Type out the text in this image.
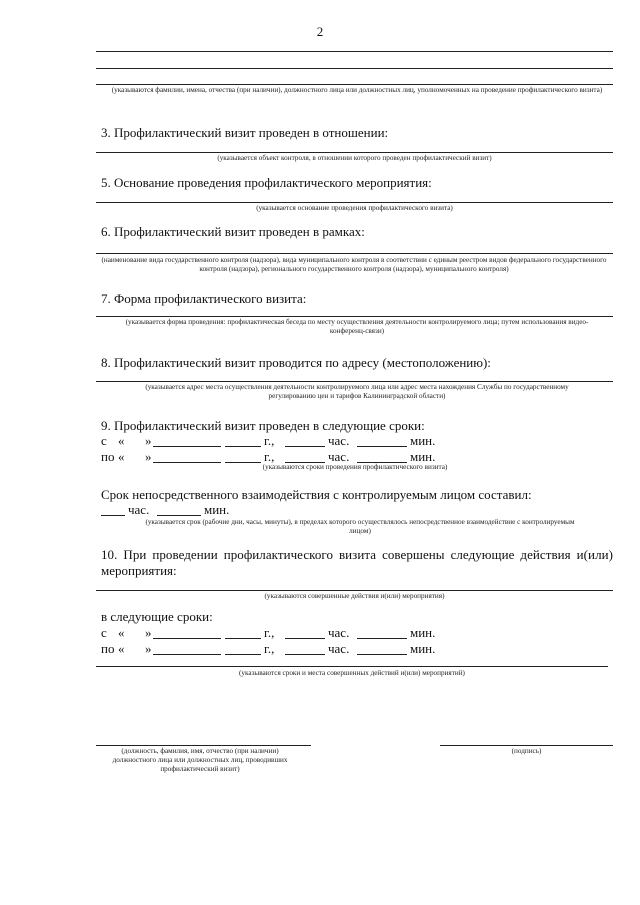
2
(указываются фамилии, имена, отчества (при наличии), должностного лица или должностных лиц, уполномоченных на проведение профилактического визита)
3. Профилактический визит проведен в отношении:
(указывается объект контроля, в отношении которого проведен профилактический визит)
5. Основание проведения профилактического мероприятия:
(указывается основание проведения профилактического визита)
6. Профилактический визит проведен в рамках:
(наименование вида государственного контроля (надзора), вида муниципального контроля в соответствии с единым реестром видов федерального государственного контроля (надзора), регионального государственного контроля (надзора), муниципального контроля)
7. Форма профилактического визита:
(указывается форма проведения: профилактическая беседа по месту осуществления деятельности контролируемого лица; путем использования видео-конференц-связи)
8. Профилактический визит проводится по адресу (местоположению):
(указывается адрес места осуществления деятельности контролируемого лица или адрес места нахождения Службы по государственному регулированию цен и тарифов Калининградской области)
9. Профилактический визит проведен в следующие сроки:
с « »	г.,	час.	мин.
по « »	г.,	час.	мин.
(указываются сроки проведения профилактического визита)
Срок непосредственного взаимодействия с контролируемым лицом составил:
час.	мин.
(указывается срок (рабочие дни, часы, минуты), в пределах которого осуществлялось непосредственное взаимодействие с контролируемым лицом)
10. При проведении профилактического визита совершены следующие действия и(или)
мероприятия:
(указываются совершенные действия и(или) мероприятия)
в следующие сроки:
с « »	г.,	час.	мин.
по « »	г.,	час.	мин.
(указываются сроки и места совершенных действий и(или) мероприятий)
(должность, фамилия, имя, отчество (при наличии) должностного лица или должностных лиц, проводивших профилактический визит)
(подпись)
